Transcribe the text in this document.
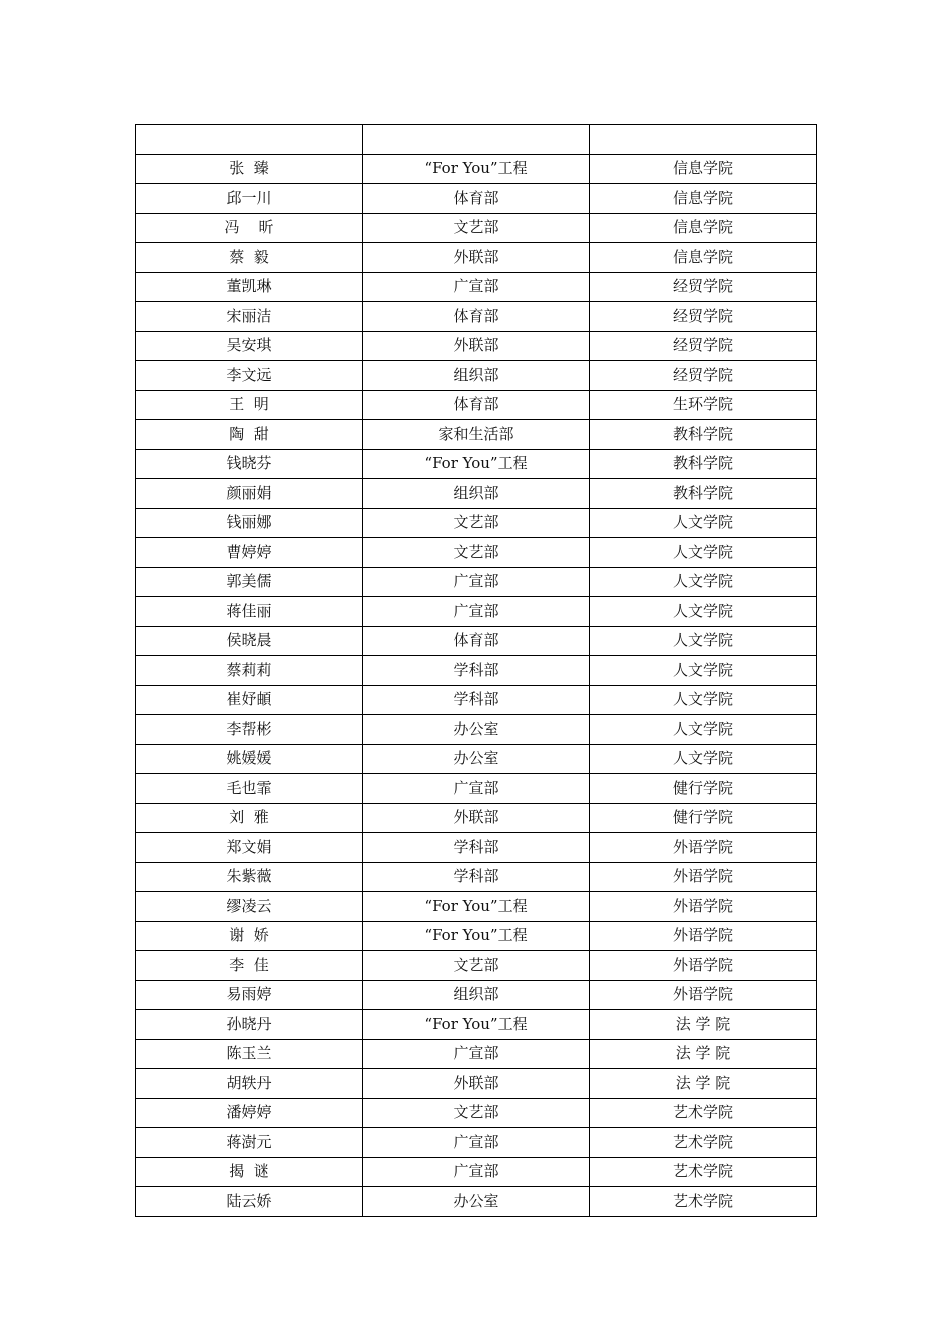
张  臻	“For You”工程	信息学院
邱一川	体育部	信息学院
冯    昕	文艺部	信息学院
蔡  毅	外联部	信息学院
董凯琳	广宣部	经贸学院
宋丽洁	体育部	经贸学院
吴安琪	外联部	经贸学院
李文远	组织部	经贸学院
王  明	体育部	生环学院
陶  甜	家和生活部	教科学院
钱晓芬	“For You”工程	教科学院
颜丽娟	组织部	教科学院
钱丽娜	文艺部	人文学院
曹婷婷	文艺部	人文学院
郭美儒	广宣部	人文学院
蒋佳丽	广宣部	人文学院
侯晓晨	体育部	人文学院
蔡莉莉	学科部	人文学院
崔妤頔	学科部	人文学院
李帮彬	办公室	人文学院
姚媛媛	办公室	人文学院
毛也霏	广宣部	健行学院
刘  雅	外联部	健行学院
郑文娟	学科部	外语学院
朱紫薇	学科部	外语学院
缪凌云	“For You”工程	外语学院
谢  娇	“For You”工程	外语学院
李  佳	文艺部	外语学院
易雨婷	组织部	外语学院
孙晓丹	“For You”工程	法 学 院
陈玉兰	广宣部	法 学 院
胡轶丹	外联部	法 学 院
潘婷婷	文艺部	艺术学院
蒋澍元	广宣部	艺术学院
揭  谜	广宣部	艺术学院
陆云娇	办公室	艺术学院
